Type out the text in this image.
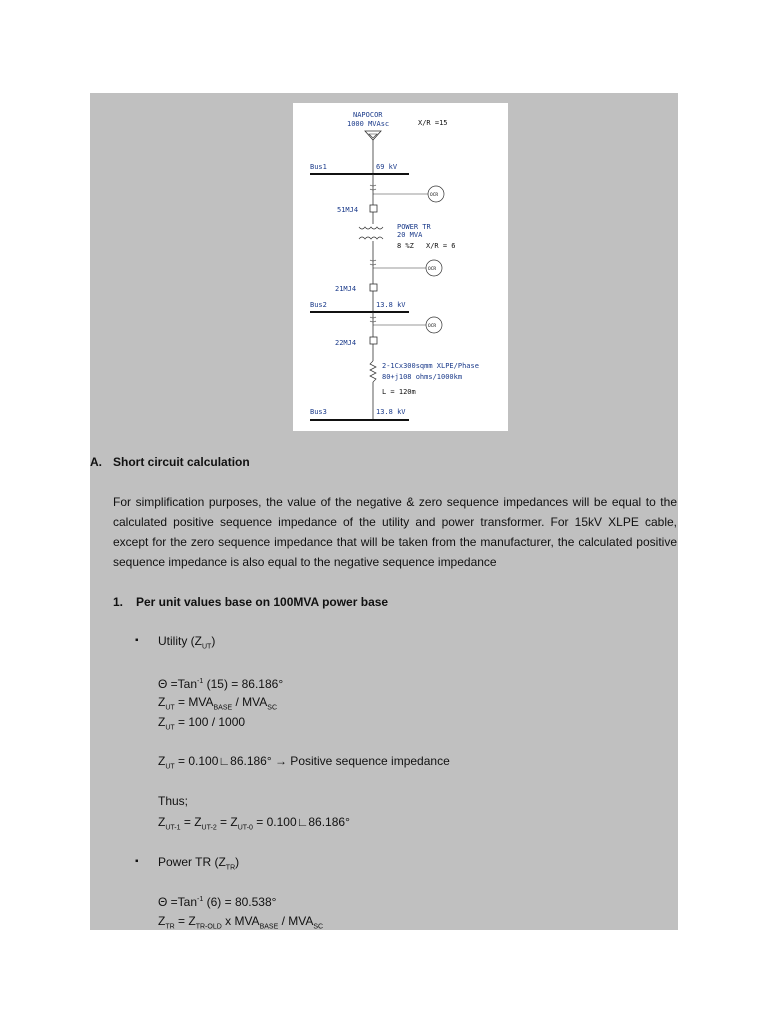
NAPOCOR
1000 MVAsc	X/R =15
Bus1	69 kV
OCR
51MJ4
POWER TR
20 MVA
8 %Z X/R = 6
OCR
21MJ4
Bus2	13.8 kV
OCR
22MJ4
2-1Cx300sqmm XLPE/Phase
80+j108 ohms/1000km
L = 120m
Bus3	13.8 kV
A. Short circuit calculation
For simplification purposes, the value of the negative & zero sequence impedances will be equal to the calculated positive sequence impedance of the utility and power transformer. For 15kV XLPE cable, except for the zero sequence impedance that will be taken from the manufacturer, the calculated positive sequence impedance is also equal to the negative sequence impedance
1. Per unit values base on 100MVA power base
▪ Utility $(Z_{UT})$
Θ =Tan$^{-1}$ (15) = 86.186°
$Z_{UT} = MVA_{BASE} / MVA_{SC}$
$Z_{UT} = 100 / 1000$
$Z_{UT}$ = 0.100∟86.186° → Positive sequence impedance
Thus;
$Z_{UT-1} = Z_{UT-2} = Z_{UT-0}$ = 0.100∟86.186°
▪ Power TR $(Z_{TR})$
Θ =Tan$^{-1}$ (6) = 80.538°
$Z_{TR} = Z_{TR-OLD}$ x $MVA_{BASE} / MVA_{SC}$
